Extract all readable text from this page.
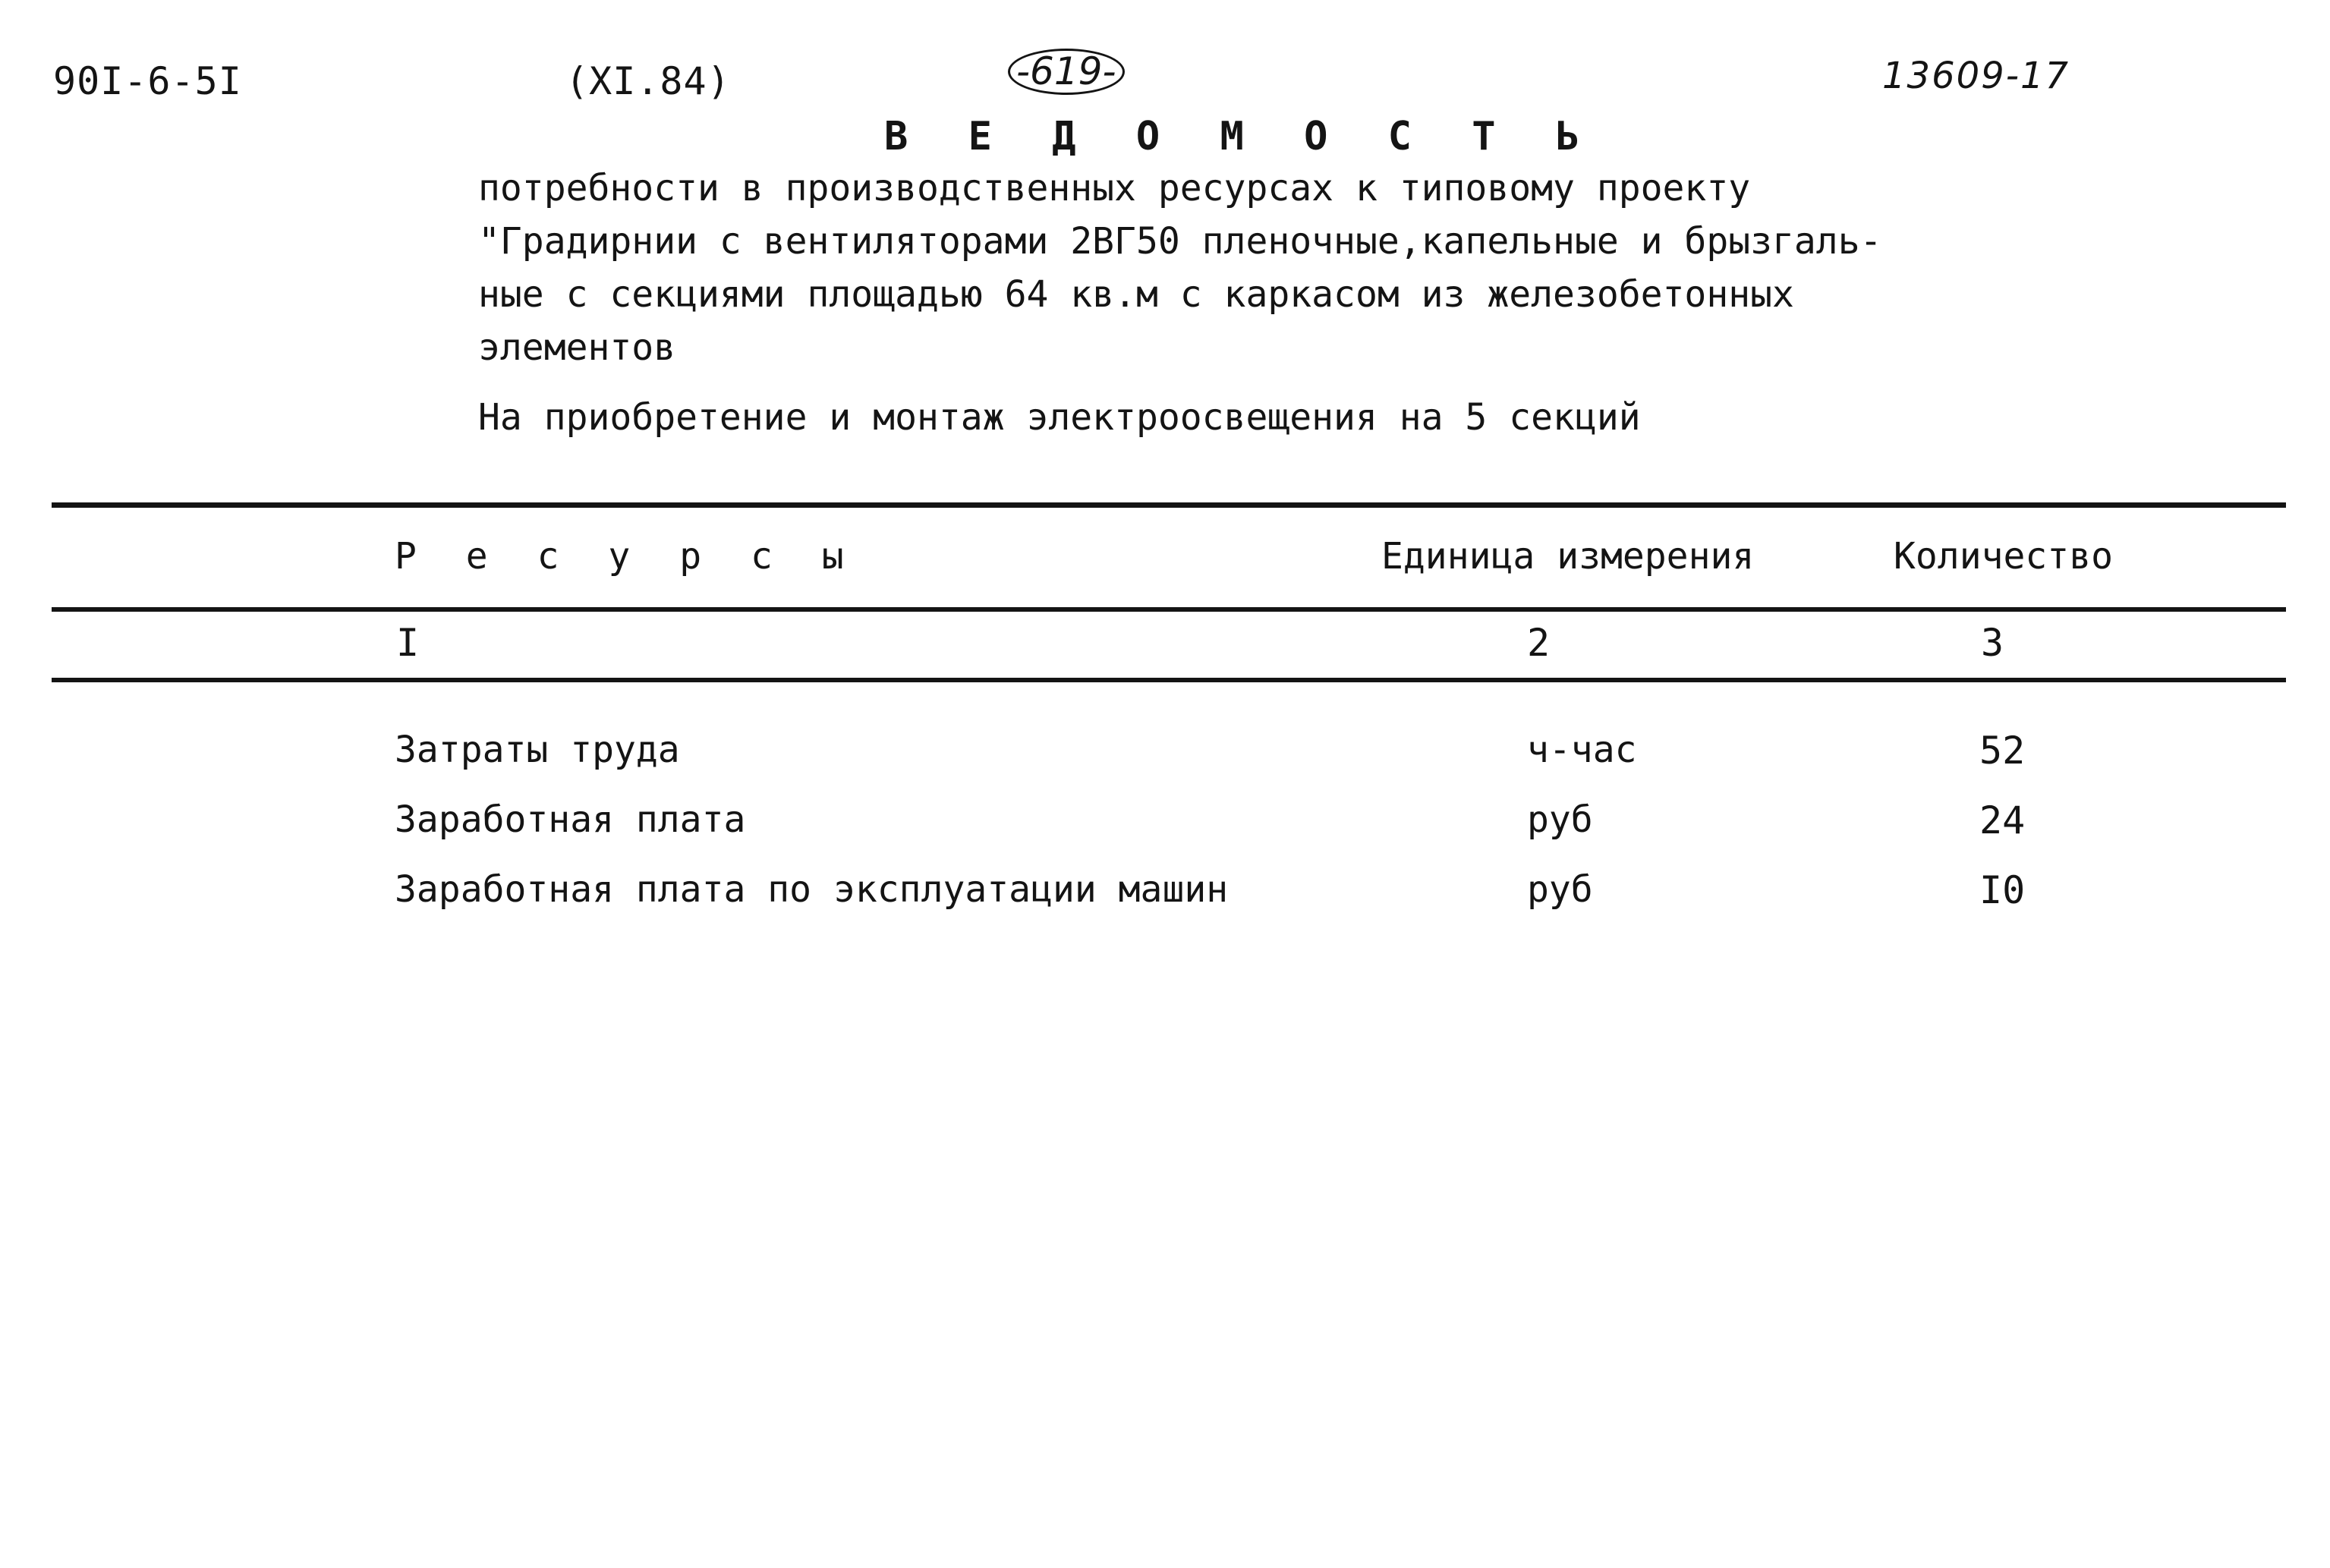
90I-6-5I	(XI.84)	-619-	13609-17
В Е Д О М О С Т Ь
потребности в производственных ресурсах к типовому проекту
"Градирнии с вентиляторами 2ВГ50 пленочные,капельные и брызгаль-
ные с секциями площадью 64 кв.м с каркасом из железобетонных
элементов
На приобретение и монтаж электроосвещения на 5 секций
Р е с у р с ы	Единица измерения	Количество
I	2	3
Затраты труда	ч-час	52
Заработная плата	руб	24
Заработная плата по эксплуатации машин	руб	I0
